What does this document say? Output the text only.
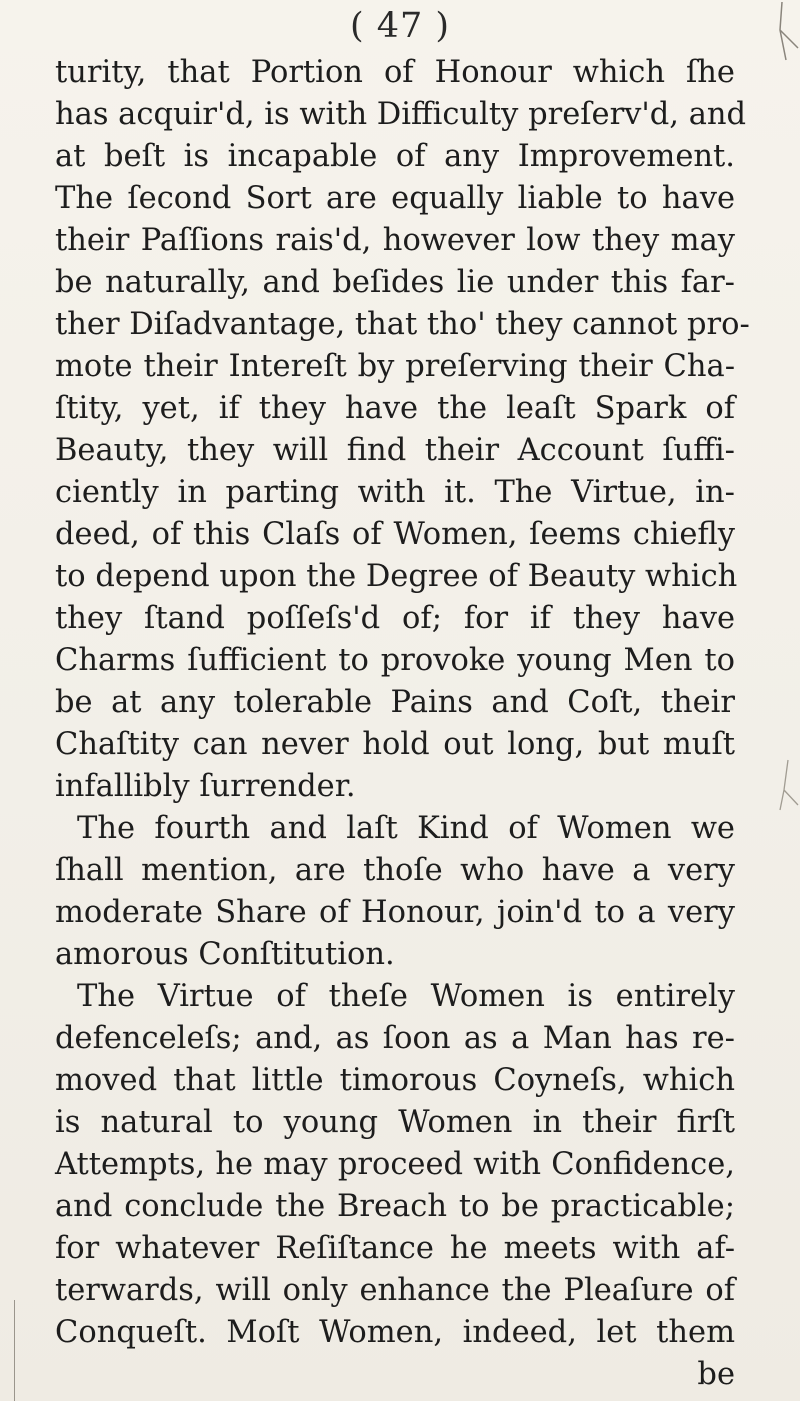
( 47 )
turity, that Portion of Honour which ſhe
has acquir'd, is with Difficulty preſerv'd, and
at beſt is incapable of any Improvement.
The ſecond Sort are equally liable to have
their Paſſions rais'd, however low they may
be naturally, and beſides lie under this far-
ther Diſadvantage, that tho' they cannot pro-
mote their Intereſt by preſerving their Cha-
ſtity, yet, if they have the leaſt Spark of
Beauty, they will find their Account ſuffi-
ciently in parting with it. The Virtue, in-
deed, of this Claſs of Women, ſeems chiefly
to depend upon the Degree of Beauty which
they ſtand poſſeſs'd of; for if they have
Charms ſufficient to provoke young Men to
be at any tolerable Pains and Coſt, their
Chaſtity can never hold out long, but muſt
infallibly ſurrender.
The fourth and laſt Kind of Women we
ſhall mention, are thoſe who have a very
moderate Share of Honour, join'd to a very
amorous Conſtitution.
The Virtue of theſe Women is entirely
defenceleſs; and, as ſoon as a Man has re-
moved that little timorous Coyneſs, which
is natural to young Women in their firſt
Attempts, he may proceed with Confidence,
and conclude the Breach to be practicable;
for whatever Reſiſtance he meets with af-
terwards, will only enhance the Pleaſure of
Conqueſt. Moſt Women, indeed, let them
be
